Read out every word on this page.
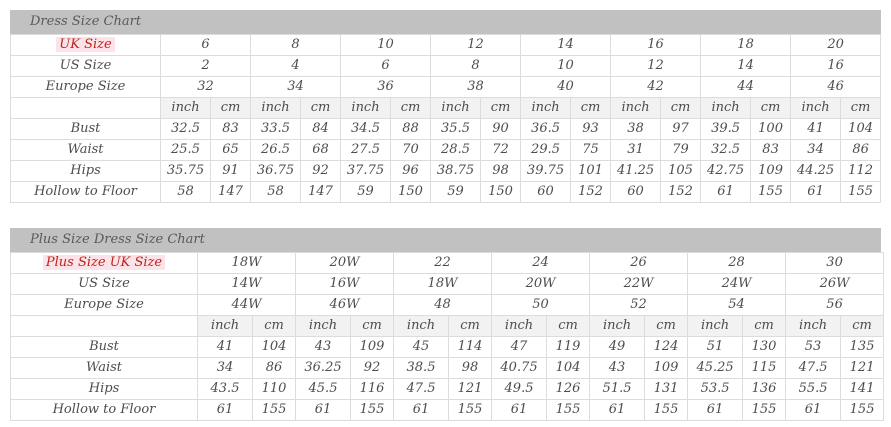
Dress Size Chart
UK Size	6		8		10		12		14		16		18		20	
US Size	2		4		6		8		10		12		14		16	
Europe Size	32		34		36		38		40		42		44		46	
	inch	cm	inch	cm	inch	cm	inch	cm	inch	cm	inch	cm	inch	cm	inch	cm
Bust	32.5	83	33.5	84	34.5	88	35.5	90	36.5	93	38	97	39.5	100	41	104
Waist	25.5	65	26.5	68	27.5	70	28.5	72	29.5	75	31	79	32.5	83	34	86
Hips	35.75	91	36.75	92	37.75	96	38.75	98	39.75	101	41.25	105	42.75	109	44.25	112
Hollow to Floor	58	147	58	147	59	150	59	150	60	152	60	152	61	155	61	155
Plus Size Dress Size Chart
Plus Size UK Size	18W		20W		22		24		26		28		30	
US Size	14W		16W		18W		20W		22W		24W		26W	
Europe Size	44W		46W		48		50		52		54		56	
	inch	cm	inch	cm	inch	cm	inch	cm	inch	cm	inch	cm	inch	cm
Bust	41	104	43	109	45	114	47	119	49	124	51	130	53	135
Waist	34	86	36.25	92	38.5	98	40.75	104	43	109	45.25	115	47.5	121
Hips	43.5	110	45.5	116	47.5	121	49.5	126	51.5	131	53.5	136	55.5	141
Hollow to Floor	61	155	61	155	61	155	61	155	61	155	61	155	61	155
